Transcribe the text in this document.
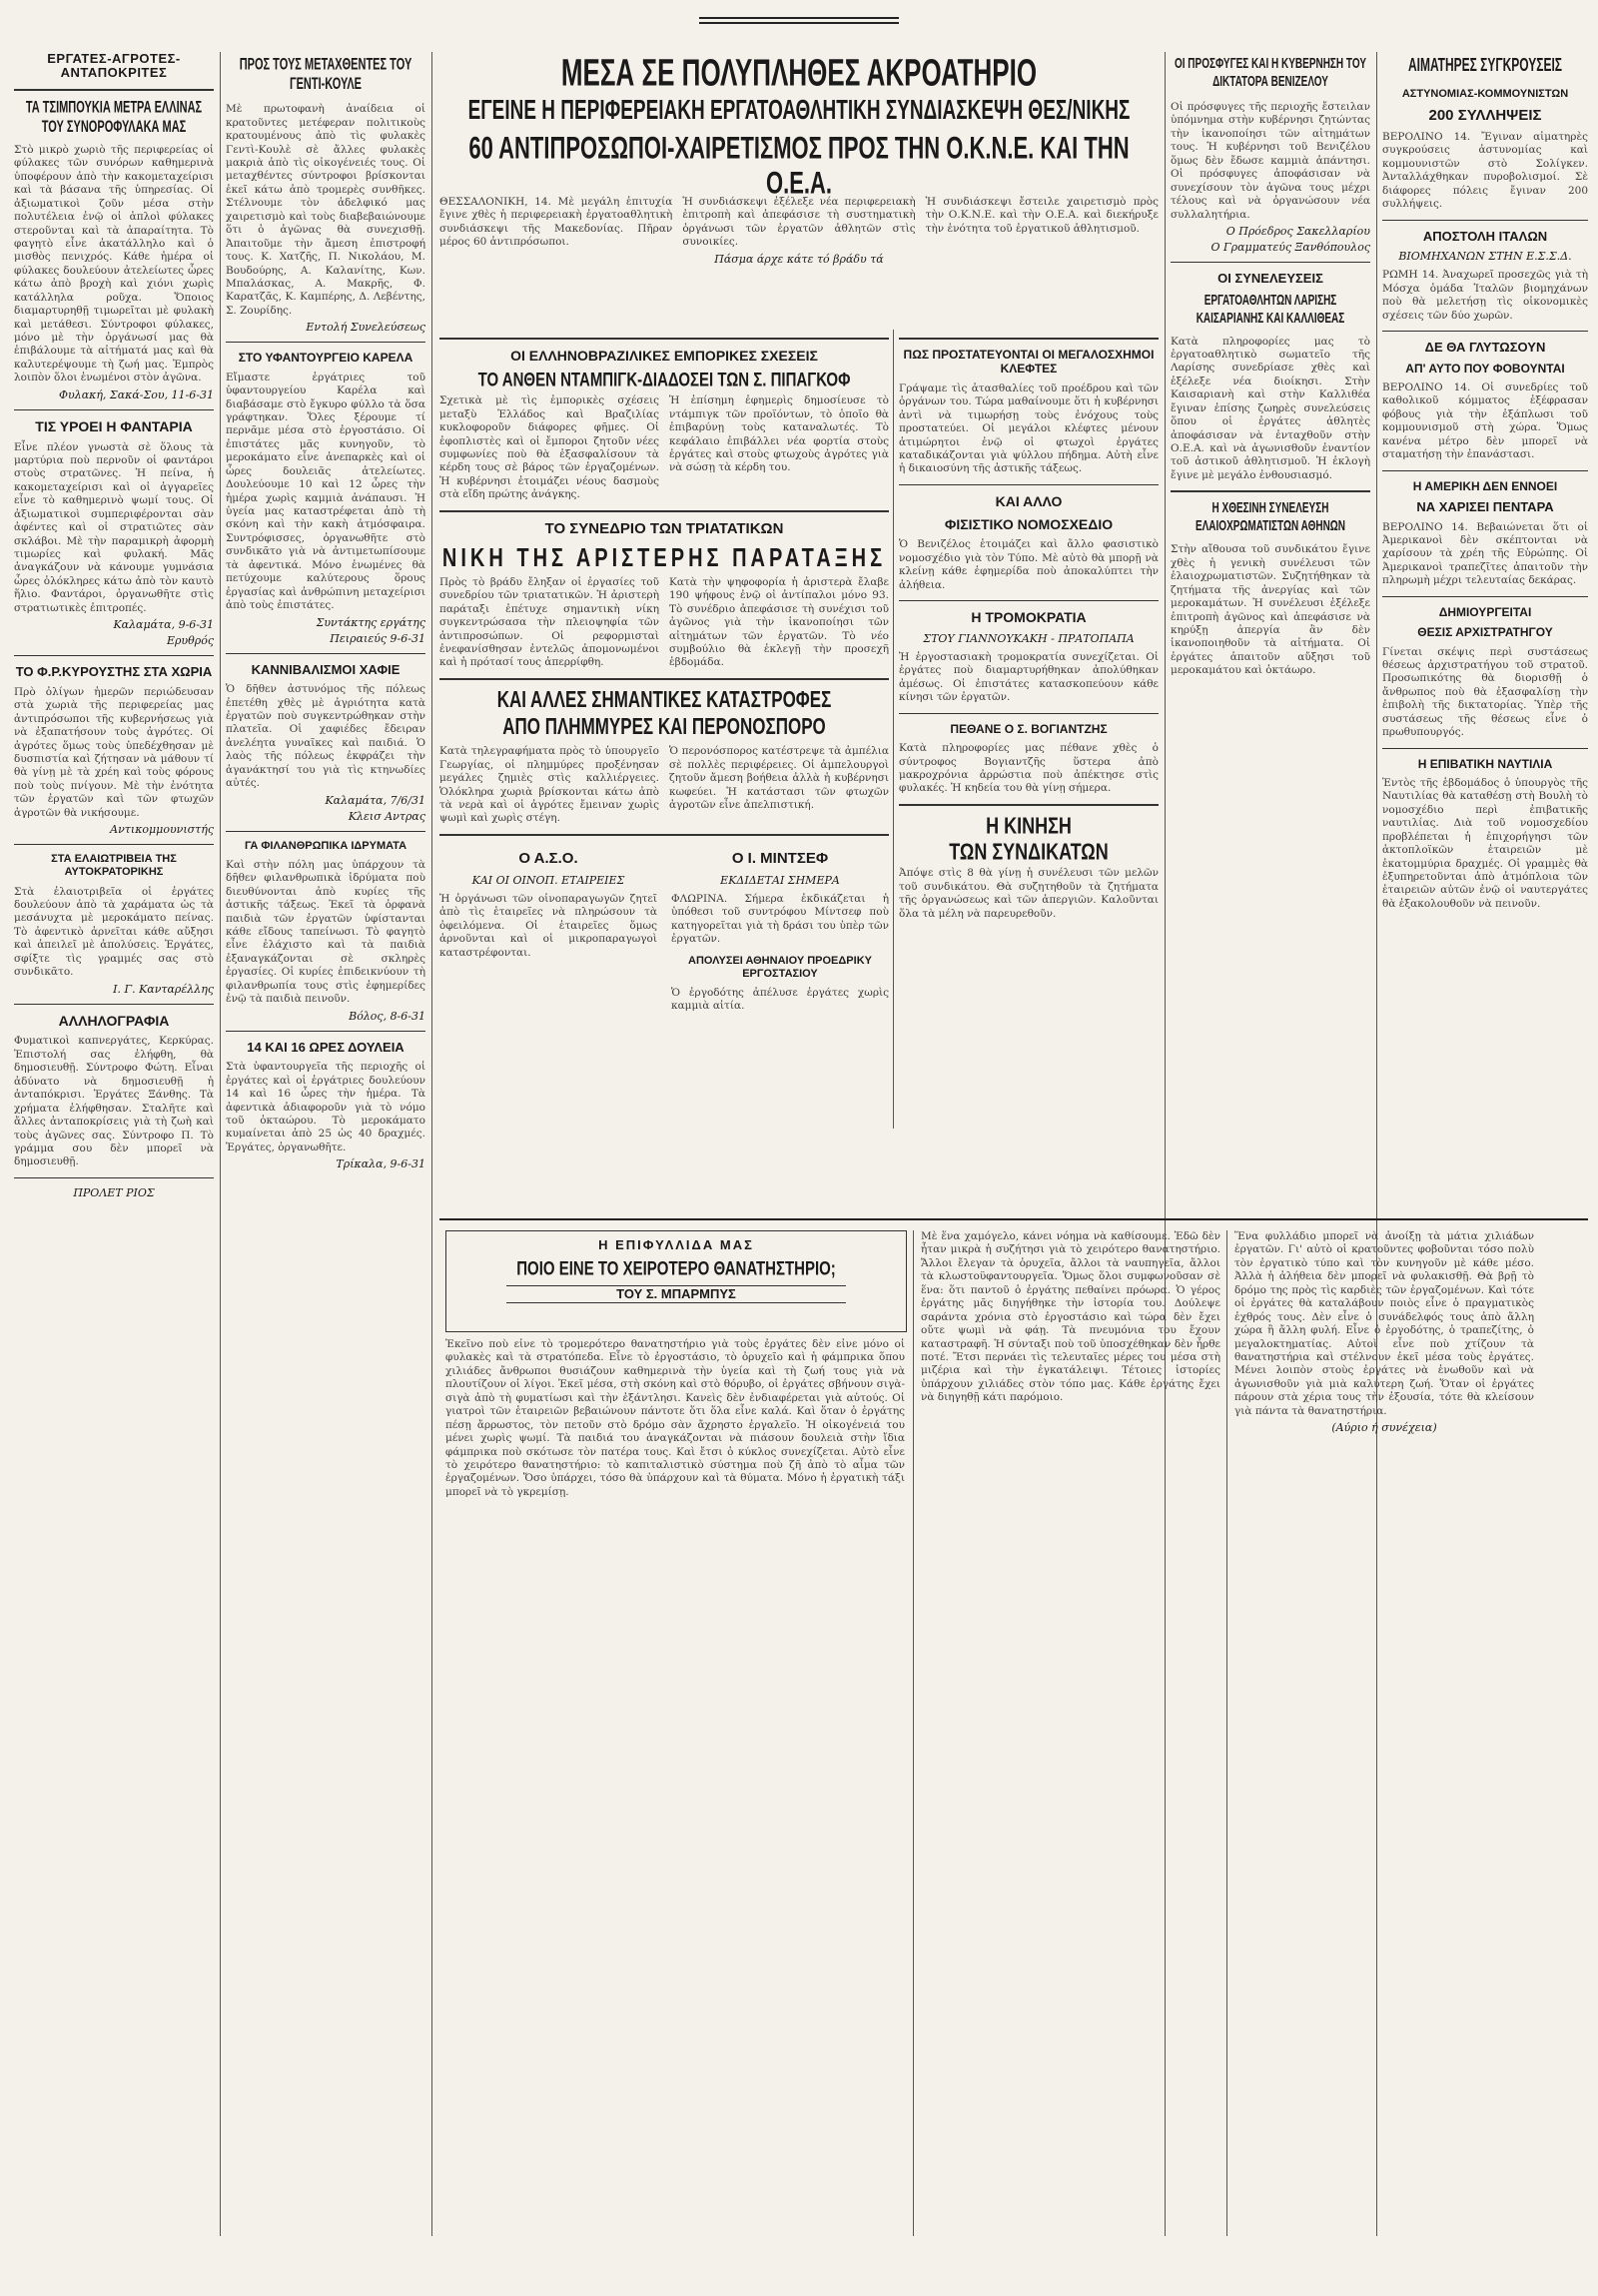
ΕΡΓΑΤΕΣ-ΑΓΡΟΤΕΣ-ΑΝΤΑΠΟΚΡΙΤΕΣ
ΤΑ ΤΣΙΜΠΟΥΚΙΑ ΜΕΤΡΑ ΕΛΛΙΝΑΣ ΤΟΥ ΣΥΝΟΡΟΦΥΛΑΚΑ ΜΑΣ

Στὸ μικρὸ χωριὸ τῆς περιφερείας οἱ φύλακες τῶν συνόρων καθημερινὰ ὑποφέρουν ἀπὸ τὴν κακομεταχείρισι καὶ τὰ βάσανα τῆς ὑπηρεσίας. Οἱ ἀξιωματικοὶ ζοῦν μέσα στὴν πολυτέλεια ἐνῷ οἱ ἁπλοὶ φύλακες στεροῦνται καὶ τὰ ἀπαραίτητα. Τὸ φαγητὸ εἶνε ἀκατάλληλο καὶ ὁ μισθὸς πενιχρός. Κάθε ἡμέρα οἱ φύλακες δουλεύουν ἀτελείωτες ὧρες κάτω ἀπὸ βροχὴ καὶ χιόνι χωρὶς κατάλληλα ροῦχα. Ὅποιος διαμαρτυρηθῇ τιμωρεῖται μὲ φυλακὴ καὶ μετάθεσι. Σύντροφοι φύλακες, μόνο μὲ τὴν ὀργάνωσί μας θὰ ἐπιβάλουμε τὰ αἰτήματά μας καὶ θὰ καλυτερέψουμε τὴ ζωή μας. Ἐμπρὸς λοιπὸν ὅλοι ἑνωμένοι στὸν ἀγῶνα.

Φυλακή, Σακά-Σου, 11-6-31
ΤΙΣ ΥΡΟΕΙ Η ΦΑΝΤΑΡΙΑ

Εἶνε πλέον γνωστὰ σὲ ὅλους τὰ μαρτύρια ποὺ περνοῦν οἱ φαντάροι στοὺς στρατῶνες. Ἡ πείνα, ἡ κακομεταχείρισι καὶ οἱ ἀγγαρεῖες εἶνε τὸ καθημερινὸ ψωμί τους. Οἱ ἀξιωματικοὶ συμπεριφέρονται σὰν ἀφέντες καὶ οἱ στρατιῶτες σὰν σκλάβοι. Μὲ τὴν παραμικρὴ ἀφορμὴ τιμωρίες καὶ φυλακή. Μᾶς ἀναγκάζουν νὰ κάνουμε γυμνάσια ὧρες ὁλόκληρες κάτω ἀπὸ τὸν καυτὸ ἥλιο. Φαντάροι, ὀργανωθῆτε στὶς στρατιωτικὲς ἐπιτροπές.

Καλαμάτα, 9-6-31
Ερυθρός
ΤΟ Φ.Ρ.ΚΥΡΟΥΣΤΗΣ ΣΤΑ ΧΩΡΙΑ

Πρὸ ὀλίγων ἡμερῶν περιώδευσαν στὰ χωριὰ τῆς περιφερείας μας ἀντιπρόσωποι τῆς κυβερνήσεως γιὰ νὰ ἐξαπατήσουν τοὺς ἀγρότες. Οἱ ἀγρότες ὅμως τοὺς ὑπεδέχθησαν μὲ δυσπιστία καὶ ζήτησαν νὰ μάθουν τί θὰ γίνῃ μὲ τὰ χρέη καὶ τοὺς φόρους ποὺ τοὺς πνίγουν. Μὲ τὴν ἑνότητα τῶν ἐργατῶν καὶ τῶν φτωχῶν ἀγροτῶν θὰ νικήσουμε.

Αντικομμουνιστής
ΣΤΑ ΕΛΑΙΩΤΡΙΒΕΙΑ ΤΗΣ ΑΥΤΟΚΡΑΤΟΡΙΚΗΣ

Στὰ ἐλαιοτριβεῖα οἱ ἐργάτες δουλεύουν ἀπὸ τὰ χαράματα ὡς τὰ μεσάνυχτα μὲ μεροκάματο πείνας. Τὸ ἀφεντικὸ ἀρνεῖται κάθε αὔξησι καὶ ἀπειλεῖ μὲ ἀπολύσεις. Ἐργάτες, σφίξτε τὶς γραμμές σας στὸ συνδικᾶτο.

Ι. Γ. Κανταρέλλης
ΑΛΛΗΛΟΓΡΑΦΙΑ

Φυματικοὶ καπνεργάτες, Κερκύρας. Ἐπιστολή σας ἐλήφθη, θὰ δημοσιευθῇ. Σύντροφο Φώτη. Εἶναι ἀδύνατο νὰ δημοσιευθῇ ἡ ἀνταπόκρισι. Ἐργάτες Ξάνθης. Τὰ χρήματα ἐλήφθησαν. Σταλῆτε καὶ ἄλλες ἀνταποκρίσεις γιὰ τὴ ζωὴ καὶ τοὺς ἀγῶνες σας. Σύντροφο Π. Τὸ γράμμα σου δὲν μπορεῖ νὰ δημοσιευθῇ.

ΠΡΟΛΕΤ ΡΙΟΣ
ΠΡΟΣ ΤΟΥΣ ΜΕΤΑΧΘΕΝΤΕΣ ΤΟΥ ΓΕΝΤΙ-ΚΟΥΛΕ

Μὲ πρωτοφανὴ ἀναίδεια οἱ κρατοῦντες μετέφεραν πολιτικοὺς κρατουμένους ἀπὸ τὶς φυλακὲς Γεντὶ-Κουλὲ σὲ ἄλλες φυλακὲς μακριὰ ἀπὸ τὶς οἰκογένειές τους. Οἱ μεταχθέντες σύντροφοι βρίσκονται ἐκεῖ κάτω ἀπὸ τρομερὲς συνθῆκες. Στέλνουμε τὸν ἀδελφικό μας χαιρετισμὸ καὶ τοὺς διαβεβαιώνουμε ὅτι ὁ ἀγῶνας θὰ συνεχισθῇ. Ἀπαιτοῦμε τὴν ἄμεση ἐπιστροφή τους. Κ. Χατζῆς, Π. Νικολάου, Μ. Βουδούρης, Α. Καλανίτης, Κων. Μπαλάσκας, Α. Μακρῆς, Φ. Καρατζᾶς, Κ. Καμπέρης, Δ. Λεβέντης, Σ. Ζουρίδης.

Εντολή Συνελεύσεως
ΣΤΟ ΥΦΑΝΤΟΥΡΓΕΙΟ ΚΑΡΕΛΑ

Εἴμαστε ἐργάτριες τοῦ ὑφαντουργείου Καρέλα καὶ διαβάσαμε στὸ ἔγκυρο φύλλο τὰ ὅσα γράφτηκαν. Ὅλες ξέρουμε τί περνᾶμε μέσα στὸ ἐργοστάσιο. Οἱ ἐπιστάτες μᾶς κυνηγοῦν, τὸ μεροκάματο εἶνε ἀνεπαρκὲς καὶ οἱ ὧρες δουλειᾶς ἀτελείωτες. Δουλεύουμε 10 καὶ 12 ὧρες τὴν ἡμέρα χωρὶς καμμιὰ ἀνάπαυσι. Ἡ ὑγεία μας καταστρέφεται ἀπὸ τὴ σκόνη καὶ τὴν κακὴ ἀτμόσφαιρα. Συντρόφισσες, ὀργανωθῆτε στὸ συνδικᾶτο γιὰ νὰ ἀντιμετωπίσουμε τὰ ἀφεντικά. Μόνο ἑνωμένες θὰ πετύχουμε καλύτερους ὅρους ἐργασίας καὶ ἀνθρώπινη μεταχείρισι ἀπὸ τοὺς ἐπιστάτες.

Συντάκτης εργάτης
Πειραιεύς 9-6-31
ΚΑΝΝΙΒΑΛΙΣΜΟΙ ΧΑΦΙΕ

Ὁ δῆθεν ἀστυνόμος τῆς πόλεως ἐπετέθη χθὲς μὲ ἀγριότητα κατὰ ἐργατῶν ποὺ συγκεντρώθηκαν στὴν πλατεῖα. Οἱ χαφιέδες ἔδειραν ἀνελέητα γυναῖκες καὶ παιδιά. Ὁ λαὸς τῆς πόλεως ἐκφράζει τὴν ἀγανάκτησί του γιὰ τὶς κτηνωδίες αὐτές.

Καλαμάτα, 7/6/31
Κλεισ Αντρας
ΓΑ ΦΙΛΑΝΘΡΩΠΙΚΑ ΙΔΡΥΜΑΤΑ

Καὶ στὴν πόλη μας ὑπάρχουν τὰ δῆθεν φιλανθρωπικὰ ἱδρύματα ποὺ διευθύνονται ἀπὸ κυρίες τῆς ἀστικῆς τάξεως. Ἐκεῖ τὰ ὀρφανὰ παιδιὰ τῶν ἐργατῶν ὑφίστανται κάθε εἴδους ταπείνωσι. Τὸ φαγητὸ εἶνε ἐλάχιστο καὶ τὰ παιδιὰ ἐξαναγκάζονται σὲ σκληρὲς ἐργασίες. Οἱ κυρίες ἐπιδεικνύουν τὴ φιλανθρωπία τους στὶς ἐφημερίδες ἐνῷ τὰ παιδιὰ πεινοῦν.

Βόλος, 8-6-31
14 ΚΑΙ 16 ΩΡΕΣ ΔΟΥΛΕΙΑ

Στὰ ὑφαντουργεῖα τῆς περιοχῆς οἱ ἐργάτες καὶ οἱ ἐργάτριες δουλεύουν 14 καὶ 16 ὧρες τὴν ἡμέρα. Τὰ ἀφεντικὰ ἀδιαφοροῦν γιὰ τὸ νόμο τοῦ ὀκταώρου. Τὸ μεροκάματο κυμαίνεται ἀπὸ 25 ὡς 40 δραχμές. Ἐργάτες, ὀργανωθῆτε.

Τρίκαλα, 9-6-31
ΜΕΣΑ ΣΕ ΠΟΛΥΠΛΗΘΕΣ ΑΚΡΟΑΤΗΡΙΟ
ΕΓΕΙΝΕ Η ΠΕΡΙΦΕΡΕΙΑΚΗ ΕΡΓΑΤΟΑΘΛΗΤΙΚΗ ΣΥΝΔΙΑΣΚΕΨΗ ΘΕΣ/ΝΙΚΗΣ
60 ΑΝΤΙΠΡΟΣΩΠΟΙ-ΧΑΙΡΕΤΙΣΜΟΣ ΠΡΟΣ ΤΗΝ Ο.Κ.Ν.Ε. ΚΑΙ ΤΗΝ Ο.Ε.Α.

ΘΕΣΣΑΛΟΝΙΚΗ, 14. Μὲ μεγάλη ἐπιτυχία ἔγινε χθὲς ἡ περιφερειακὴ ἐργατοαθλητικὴ συνδιάσκεψι τῆς Μακεδονίας. Πῆραν μέρος 60 ἀντιπρόσωποι.

Ἡ συνδιάσκεψι ἐξέλεξε νέα περιφερειακὴ ἐπιτροπὴ καὶ ἀπεφάσισε τὴ συστηματικὴ ὀργάνωσι τῶν ἐργατῶν ἀθλητῶν στὶς συνοικίες.

Ἡ συνδιάσκεψι ἔστειλε χαιρετισμὸ πρὸς τὴν Ο.Κ.Ν.Ε. καὶ τὴν Ο.Ε.Α. καὶ διεκήρυξε τὴν ἑνότητα τοῦ ἐργατικοῦ ἀθλητισμοῦ.

Πάσμα άρχε κάτε τό βράδυ τά
ΟΙ ΕΛΛΗΝΟΒΡΑΖΙΛΙΚΕΣ ΕΜΠΟΡΙΚΕΣ ΣΧΕΣΕΙΣ
ΤΟ ΑΝΘΕΝ ΝΤΑΜΠΙΓΚ-ΔΙΑΔΟΣΕΙ ΤΩΝ Σ. ΠΙΠΑΓΚΟΦ

Σχετικὰ μὲ τὶς ἐμπορικὲς σχέσεις μεταξὺ Ἑλλάδος καὶ Βραζιλίας κυκλοφοροῦν διάφορες φῆμες. Οἱ ἐφοπλιστὲς καὶ οἱ ἔμποροι ζητοῦν νέες συμφωνίες ποὺ θὰ ἐξασφαλίσουν τὰ κέρδη τους σὲ βάρος τῶν ἐργαζομένων. Ἡ κυβέρνησι ἐτοιμάζει νέους δασμοὺς στὰ εἴδη πρώτης ἀνάγκης.

Ἡ ἐπίσημη ἐφημερὶς δημοσίευσε τὸ ντάμπιγκ τῶν προϊόντων, τὸ ὁποῖο θὰ ἐπιβαρύνῃ τοὺς καταναλωτές. Τὸ κεφάλαιο ἐπιβάλλει νέα φορτία στοὺς ἐργάτες καὶ στοὺς φτωχοὺς ἀγρότες γιὰ νὰ σώσῃ τὰ κέρδη του.

ΤΟ ΣΥΝΕΔΡΙΟ ΤΩΝ ΤΡΙΑΤΑΤΙΚΩΝ
ΝΙΚΗ ΤΗΣ ΑΡΙΣΤΕΡΗΣ ΠΑΡΑΤΑΞΗΣ

Πρὸς τὸ βράδυ ἔληξαν οἱ ἐργασίες τοῦ συνεδρίου τῶν τριατατικῶν. Ἡ ἀριστερὴ παράταξι ἐπέτυχε σημαντικὴ νίκη συγκεντρώσασα τὴν πλειοψηφία τῶν ἀντιπροσώπων. Οἱ ρεφορμισταὶ ἐνεφανίσθησαν ἐντελῶς ἀπομονωμένοι καὶ ἡ πρότασί τους ἀπερρίφθη.

Κατὰ τὴν ψηφοφορία ἡ ἀριστερὰ ἔλαβε 190 ψήφους ἐνῷ οἱ ἀντίπαλοι μόνο 93. Τὸ συνέδριο ἀπεφάσισε τὴ συνέχισι τοῦ ἀγῶνος γιὰ τὴν ἱκανοποίησι τῶν αἰτημάτων τῶν ἐργατῶν. Τὸ νέο συμβούλιο θὰ ἐκλεγῇ τὴν προσεχῆ ἑβδομάδα.

ΚΑΙ ΑΛΛΕΣ ΣΗΜΑΝΤΙΚΕΣ ΚΑΤΑΣΤΡΟΦΕΣ
ΑΠΟ ΠΛΗΜΜΥΡΕΣ ΚΑΙ ΠΕΡΟΝΟΣΠΟΡΟ

Κατὰ τηλεγραφήματα πρὸς τὸ ὑπουργεῖο Γεωργίας, οἱ πλημμύρες προξένησαν μεγάλες ζημιὲς στὶς καλλιέργειες. Ὁλόκληρα χωριὰ βρίσκονται κάτω ἀπὸ τὰ νερὰ καὶ οἱ ἀγρότες ἔμειναν χωρὶς ψωμὶ καὶ χωρὶς στέγη.

Ὁ περονόσπορος κατέστρεψε τὰ ἀμπέλια σὲ πολλὲς περιφέρειες. Οἱ ἀμπελουργοὶ ζητοῦν ἄμεση βοήθεια ἀλλὰ ἡ κυβέρνησι κωφεύει. Ἡ κατάστασι τῶν φτωχῶν ἀγροτῶν εἶνε ἀπελπιστική.

Ο Α.Σ.Ο.
ΚΑΙ ΟΙ ΟΙΝΟΠ. ΕΤΑΙΡΕΙΕΣ

Ἡ ὀργάνωσι τῶν οἰνοπαραγωγῶν ζητεῖ ἀπὸ τὶς ἑταιρεῖες νὰ πληρώσουν τὰ ὀφειλόμενα. Οἱ ἑταιρεῖες ὅμως ἀρνοῦνται καὶ οἱ μικροπαραγωγοὶ καταστρέφονται.

Ο Ι. ΜΙΝΤΣΕΦ
ΕΚΔΙΔΕΤΑΙ ΣΗΜΕΡΑ

ΦΛΩΡΙΝΑ. Σήμερα ἐκδικάζεται ἡ ὑπόθεσι τοῦ συντρόφου Μίντσεφ ποὺ κατηγορεῖται γιὰ τὴ δράσι του ὑπὲρ τῶν ἐργατῶν.

ΑΠΟΛΥΣΕΙ ΑΘΗΝΑΙΟΥ ΠΡΟΕΔΡΙΚΥ ΕΡΓΟΣΤΑΣΙΟΥ

Ὁ ἐργοδότης ἀπέλυσε ἐργάτες χωρὶς καμμιὰ αἰτία.

ΠΩΣ ΠΡΟΣΤΑΤΕΥΟΝΤΑΙ ΟΙ ΜΕΓΑΛΟΣΧΗΜΟΙ ΚΛΕΦΤΕΣ

Γράψαμε τὶς ἀτασθαλίες τοῦ προέδρου καὶ τῶν ὀργάνων του. Τώρα μαθαίνουμε ὅτι ἡ κυβέρνησι ἀντὶ νὰ τιμωρήσῃ τοὺς ἐνόχους τοὺς προστατεύει. Οἱ μεγάλοι κλέφτες μένουν ἀτιμώρητοι ἐνῷ οἱ φτωχοὶ ἐργάτες καταδικάζονται γιὰ ψύλλου πήδημα. Αὐτὴ εἶνε ἡ δικαιοσύνη τῆς ἀστικῆς τάξεως.

ΚΑΙ ΑΛΛΟ
ΦΙΣΙΣΤΙΚΟ ΝΟΜΟΣΧΕΔΙΟ

Ὁ Βενιζέλος ἑτοιμάζει καὶ ἄλλο φασιστικὸ νομοσχέδιο γιὰ τὸν Τύπο. Μὲ αὐτὸ θὰ μπορῇ νὰ κλείνῃ κάθε ἐφημερίδα ποὺ ἀποκαλύπτει τὴν ἀλήθεια.

Η ΤΡΟΜΟΚΡΑΤΙΑ
ΣΤΟΥ ΓΙΑΝΝΟΥΚΑΚΗ - ΠΡΑΤΟΠΑΠΑ

Ἡ ἐργοστασιακὴ τρομοκρατία συνεχίζεται. Οἱ ἐργάτες ποὺ διαμαρτυρήθηκαν ἀπολύθηκαν ἀμέσως. Οἱ ἐπιστάτες κατασκοπεύουν κάθε κίνησι τῶν ἐργατῶν.

ΠΕΘΑΝΕ Ο Σ. ΒΟΓΙΑΝΤΖΗΣ

Κατὰ πληροφορίες μας πέθανε χθὲς ὁ σύντροφος Βογιαντζῆς ὕστερα ἀπὸ μακροχρόνια ἀρρώστια ποὺ ἀπέκτησε στὶς φυλακές. Ἡ κηδεία του θὰ γίνῃ σήμερα.

Η ΚΙΝΗΣΗ
ΤΩΝ ΣΥΝΔΙΚΑΤΩΝ

Ἀπόψε στὶς 8 θὰ γίνῃ ἡ συνέλευσι τῶν μελῶν τοῦ συνδικάτου. Θὰ συζητηθοῦν τὰ ζητήματα τῆς ὀργανώσεως καὶ τῶν ἀπεργιῶν. Καλοῦνται ὅλα τὰ μέλη νὰ παρευρεθοῦν.

ΟΙ ΠΡΟΣΦΥΓΕΣ ΚΑΙ Η ΚΥΒΕΡΝΗΣΗ ΤΟΥ ΔΙΚΤΑΤΟΡΑ ΒΕΝΙΖΕΛΟΥ

Οἱ πρόσφυγες τῆς περιοχῆς ἔστειλαν ὑπόμνημα στὴν κυβέρνησι ζητώντας τὴν ἱκανοποίησι τῶν αἰτημάτων τους. Ἡ κυβέρνησι τοῦ Βενιζέλου ὅμως δὲν ἔδωσε καμμιὰ ἀπάντησι. Οἱ πρόσφυγες ἀποφάσισαν νὰ συνεχίσουν τὸν ἀγῶνα τους μέχρι τέλους καὶ νὰ ὀργανώσουν νέα συλλαλητήρια.

Ο Πρόεδρος Σακελλαρίου
Ο Γραμματεύς Ξανθόπουλος
ΟΙ ΣΥΝΕΛΕΥΣΕΙΣ
ΕΡΓΑΤΟΑΘΛΗΤΩΝ ΛΑΡΙΣΗΣ ΚΑΙΣΑΡΙΑΝΗΣ ΚΑΙ ΚΑΛΛΙΘΕΑΣ

Κατὰ πληροφορίες μας τὸ ἐργατοαθλητικὸ σωματεῖο τῆς Λαρίσης συνεδρίασε χθὲς καὶ ἐξέλεξε νέα διοίκησι. Στὴν Καισαριανὴ καὶ στὴν Καλλιθέα ἔγιναν ἐπίσης ζωηρὲς συνελεύσεις ὅπου οἱ ἐργάτες ἀθλητὲς ἀποφάσισαν νὰ ἐνταχθοῦν στὴν Ο.Ε.Α. καὶ νὰ ἀγωνισθοῦν ἐναντίον τοῦ ἀστικοῦ ἀθλητισμοῦ. Ἡ ἐκλογὴ ἔγινε μὲ μεγάλο ἐνθουσιασμό.

Η ΧΘΕΣΙΝΗ ΣΥΝΕΛΕΥΣΗ ΕΛΑΙΟΧΡΩΜΑΤΙΣΤΩΝ ΑΘΗΝΩΝ

Στὴν αἴθουσα τοῦ συνδικάτου ἔγινε χθὲς ἡ γενικὴ συνέλευσι τῶν ἐλαιοχρωματιστῶν. Συζητήθηκαν τὰ ζητήματα τῆς ἀνεργίας καὶ τῶν μεροκαμάτων. Ἡ συνέλευσι ἐξέλεξε ἐπιτροπὴ ἀγῶνος καὶ ἀπεφάσισε νὰ κηρύξῃ ἀπεργία ἂν δὲν ἱκανοποιηθοῦν τὰ αἰτήματα. Οἱ ἐργάτες ἀπαιτοῦν αὔξησι τοῦ μεροκαμάτου καὶ ὀκτάωρο.

ΑΙΜΑΤΗΡΕΣ ΣΥΓΚΡΟΥΣΕΙΣ
ΑΣΤΥΝΟΜΙΑΣ-ΚΟΜΜΟΥΝΙΣΤΩΝ
200 ΣΥΛΛΗΨΕΙΣ

ΒΕΡΟΛΙΝΟ 14. Ἔγιναν αἱματηρὲς συγκρούσεις ἀστυνομίας καὶ κομμουνιστῶν στὸ Σολίγκεν. Ἀνταλλάχθηκαν πυροβολισμοί. Σὲ διάφορες πόλεις ἔγιναν 200 συλλήψεις.

ΑΠΟΣΤΟΛΗ ΙΤΑΛΩΝ
ΒΙΟΜΗΧΑΝΩΝ ΣΤΗΝ Ε.Σ.Σ.Δ.

ΡΩΜΗ 14. Ἀναχωρεῖ προσεχῶς γιὰ τὴ Μόσχα ὁμάδα Ἰταλῶν βιομηχάνων ποὺ θὰ μελετήσῃ τὶς οἰκονομικὲς σχέσεις τῶν δύο χωρῶν.

ΔΕ ΘΑ ΓΛΥΤΩΣΟΥΝ
ΑΠ' ΑΥΤΟ ΠΟΥ ΦΟΒΟΥΝΤΑΙ

ΒΕΡΟΛΙΝΟ 14. Οἱ συνεδρίες τοῦ καθολικοῦ κόμματος ἐξέφρασαν φόβους γιὰ τὴν ἐξάπλωσι τοῦ κομμουνισμοῦ στὴ χώρα. Ὅμως κανένα μέτρο δὲν μπορεῖ νὰ σταματήσῃ τὴν ἐπανάστασι.

Η ΑΜΕΡΙΚΗ ΔΕΝ ΕΝΝΟΕΙ
ΝΑ ΧΑΡΙΣΕΙ ΠΕΝΤΑΡΑ

ΒΕΡΟΛΙΝΟ 14. Βεβαιώνεται ὅτι οἱ Ἀμερικανοὶ δὲν σκέπτονται νὰ χαρίσουν τὰ χρέη τῆς Εὐρώπης. Οἱ Ἀμερικανοὶ τραπεζῖτες ἀπαιτοῦν τὴν πληρωμὴ μέχρι τελευταίας δεκάρας.

ΔΗΜΙΟΥΡΓΕΙΤΑΙ
ΘΕΣΙΣ ΑΡΧΙΣΤΡΑΤΗΓΟΥ

Γίνεται σκέψις περὶ συστάσεως θέσεως ἀρχιστρατήγου τοῦ στρατοῦ. Προσωπικότης θὰ διορισθῇ ὁ ἄνθρωπος ποὺ θὰ ἐξασφαλίσῃ τὴν ἐπιβολὴ τῆς δικτατορίας. Ὑπὲρ τῆς συστάσεως τῆς θέσεως εἶνε ὁ πρωθυπουργός.

Η ΕΠΙΒΑΤΙΚΗ ΝΑΥΤΙΛΙΑ

Ἐντὸς τῆς ἑβδομάδος ὁ ὑπουργὸς τῆς Ναυτιλίας θὰ καταθέσῃ στὴ Βουλὴ τὸ νομοσχέδιο περὶ ἐπιβατικῆς ναυτιλίας. Διὰ τοῦ νομοσχεδίου προβλέπεται ἡ ἐπιχορήγησι τῶν ἀκτοπλοϊκῶν ἑταιρειῶν μὲ ἑκατομμύρια δραχμές. Οἱ γραμμὲς θὰ ἐξυπηρετοῦνται ἀπὸ ἀτμόπλοια τῶν ἑταιρειῶν αὐτῶν ἐνῷ οἱ ναυτεργάτες θὰ ἐξακολουθοῦν νὰ πεινοῦν.

Η ΕΠΙΦΥΛΛΙΔΑ ΜΑΣ
ΠΟΙΟ ΕΙΝΕ ΤΟ ΧΕΙΡΟΤΕΡΟ ΘΑΝΑΤΗΣΤΗΡΙΟ;
ΤΟΥ Σ. ΜΠΑΡΜΠΥΣ

Ἐκεῖνο ποὺ εἶνε τὸ τρομερότερο θανατηστήριο γιὰ τοὺς ἐργάτες δὲν εἶνε μόνο οἱ φυλακὲς καὶ τὰ στρατόπεδα. Εἶνε τὸ ἐργοστάσιο, τὸ ὀρυχεῖο καὶ ἡ φάμπρικα ὅπου χιλιάδες ἄνθρωποι θυσιάζουν καθημερινὰ τὴν ὑγεία καὶ τὴ ζωή τους γιὰ νὰ πλουτίζουν οἱ λίγοι. Ἐκεῖ μέσα, στὴ σκόνη καὶ στὸ θόρυβο, οἱ ἐργάτες σβήνουν σιγὰ-σιγὰ ἀπὸ τὴ φυματίωσι καὶ τὴν ἐξάντλησι. Κανεὶς δὲν ἐνδιαφέρεται γιὰ αὐτούς. Οἱ γιατροὶ τῶν ἑταιρειῶν βεβαιώνουν πάντοτε ὅτι ὅλα εἶνε καλά. Καὶ ὅταν ὁ ἐργάτης πέσῃ ἄρρωστος, τὸν πετοῦν στὸ δρόμο σὰν ἄχρηστο ἐργαλεῖο. Ἡ οἰκογένειά του μένει χωρὶς ψωμί. Τὰ παιδιά του ἀναγκάζονται νὰ πιάσουν δουλειὰ στὴν ἴδια φάμπρικα ποὺ σκότωσε τὸν πατέρα τους. Καὶ ἔτσι ὁ κύκλος συνεχίζεται. Αὐτὸ εἶνε τὸ χειρότερο θανατηστήριο: τὸ καπιταλιστικὸ σύστημα ποὺ ζῆ ἀπὸ τὸ αἷμα τῶν ἐργαζομένων. Ὅσο ὑπάρχει, τόσο θὰ ὑπάρχουν καὶ τὰ θύματα. Μόνο ἡ ἐργατικὴ τάξι μπορεῖ νὰ τὸ γκρεμίσῃ.

Μὲ ἕνα χαμόγελο, κάνει νόημα νὰ καθίσουμε. Ἐδῶ δὲν ἦταν μικρὰ ἡ συζήτησι γιὰ τὸ χειρότερο θανατηστήριο. Ἄλλοι ἔλεγαν τὰ ὀρυχεῖα, ἄλλοι τὰ ναυπηγεῖα, ἄλλοι τὰ κλωστοϋφαντουργεῖα. Ὅμως ὅλοι συμφωνοῦσαν σὲ ἕνα: ὅτι παντοῦ ὁ ἐργάτης πεθαίνει πρόωρα. Ὁ γέρος ἐργάτης μᾶς διηγήθηκε τὴν ἱστορία του. Δούλεψε σαράντα χρόνια στὸ ἐργοστάσιο καὶ τώρα δὲν ἔχει οὔτε ψωμὶ νὰ φάῃ. Τὰ πνευμόνια του ἔχουν καταστραφῆ. Ἡ σύνταξι ποὺ τοῦ ὑποσχέθηκαν δὲν ἦρθε ποτέ. Ἔτσι περνάει τὶς τελευταῖες μέρες του μέσα στὴ μιζέρια καὶ τὴν ἐγκατάλειψι. Τέτοιες ἱστορίες ὑπάρχουν χιλιάδες στὸν τόπο μας. Κάθε ἐργάτης ἔχει νὰ διηγηθῇ κάτι παρόμοιο.

Ἕνα φυλλάδιο μπορεῖ νὰ ἀνοίξῃ τὰ μάτια χιλιάδων ἐργατῶν. Γι' αὐτὸ οἱ κρατοῦντες φοβοῦνται τόσο πολὺ τὸν ἐργατικὸ τύπο καὶ τὸν κυνηγοῦν μὲ κάθε μέσο. Ἀλλὰ ἡ ἀλήθεια δὲν μπορεῖ νὰ φυλακισθῇ. Θὰ βρῇ τὸ δρόμο της πρὸς τὶς καρδιὲς τῶν ἐργαζομένων. Καὶ τότε οἱ ἐργάτες θὰ καταλάβουν ποιὸς εἶνε ὁ πραγματικὸς ἐχθρός τους. Δὲν εἶνε ὁ συνάδελφός τους ἀπὸ ἄλλη χώρα ἢ ἄλλη φυλή. Εἶνε ὁ ἐργοδότης, ὁ τραπεζίτης, ὁ μεγαλοκτηματίας. Αὐτοὶ εἶνε ποὺ χτίζουν τὰ θανατηστήρια καὶ στέλνουν ἐκεῖ μέσα τοὺς ἐργάτες. Μένει λοιπὸν στοὺς ἐργάτες νὰ ἑνωθοῦν καὶ νὰ ἀγωνισθοῦν γιὰ μιὰ καλύτερη ζωή. Ὅταν οἱ ἐργάτες πάρουν στὰ χέρια τους τὴν ἐξουσία, τότε θὰ κλείσουν γιὰ πάντα τὰ θανατηστήρια.

(Αύριο ή συνέχεια)
